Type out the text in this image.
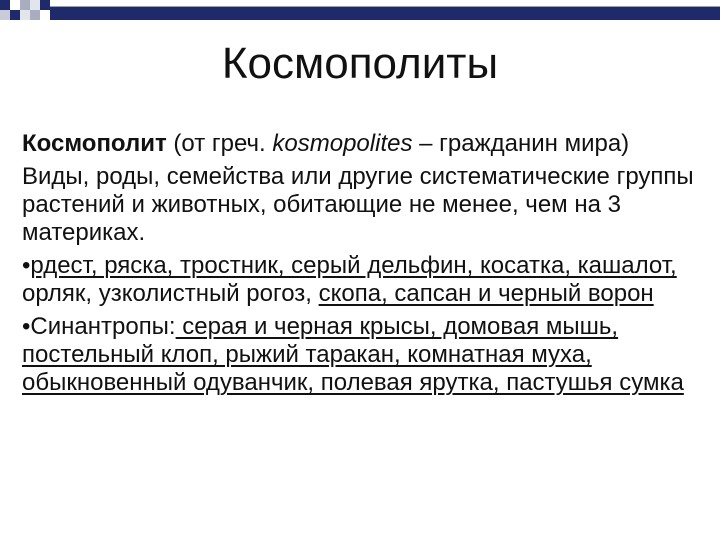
Космополиты

Космополит (от греч. kosmopolites – гражданин мира)

Виды, роды, семейства или другие систематические группы растений и животных, обитающие не менее, чем на 3 материках.

•рдест, ряска, тростник, серый дельфин, косатка, кашалот, орляк, узколистный рогоз, скопа, сапсан и черный ворон

•Синантропы: серая и черная крысы, домовая мышь, постельный клоп, рыжий таракан, комнатная муха, обыкновенный одуванчик, полевая ярутка, пастушья сумка
